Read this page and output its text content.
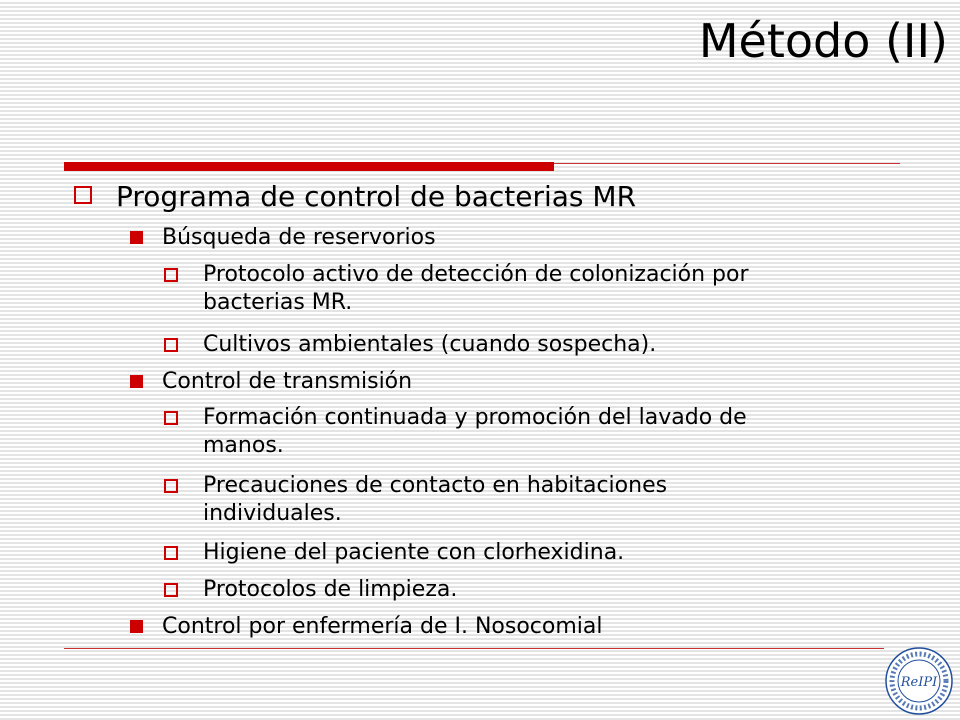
Método (II)

Programa de control de bacterias MR

Búsqueda de reservorios

Protocolo activo de detección de colonización por

bacterias MR.

Cultivos ambientales (cuando sospecha).

Control de transmisión

Formación continuada y promoción del lavado de

manos.

Precauciones de contacto en habitaciones

individuales.

Higiene del paciente con clorhexidina.

Protocolos de limpieza.

Control por enfermería de I. Nosocomial

ReIPI
